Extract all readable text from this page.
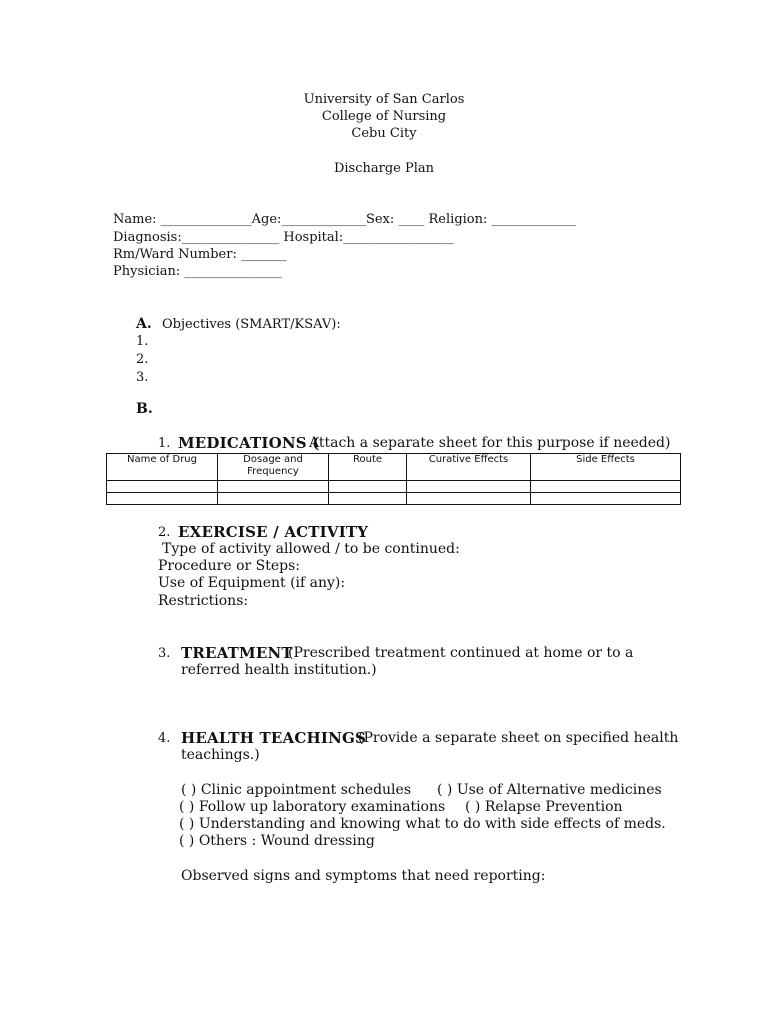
University of San Carlos
College of Nursing
Cebu City
Discharge Plan
Name: ______________Age:_____________Sex: ____ Religion: _____________
Diagnosis:_______________ Hospital:_________________
Rm/Ward Number: _______
Physician: _______________
A. Objectives (SMART/KSAV):
1.
2.
3.
B.
1. MEDICATIONS (
Attach a separate sheet for this purpose if needed)
Name of Drug	Dosage and Frequency	Route	Curative Effects	Side Effects

2. EXERCISE / ACTIVITY
Type of activity allowed / to be continued:
Procedure or Steps:
Use of Equipment (if any):
Restrictions:
3. TREATMENT
(Prescribed treatment continued at home or to a
referred health institution.)
4. HEALTH TEACHINGS
(Provide a separate sheet on specified health
teachings.)
( ) Clinic appointment schedules ( ) Use of Alternative medicines
( ) Follow up laboratory examinations ( ) Relapse Prevention
( ) Understanding and knowing what to do with side effects of meds.
( ) Others : Wound dressing
Observed signs and symptoms that need reporting:
